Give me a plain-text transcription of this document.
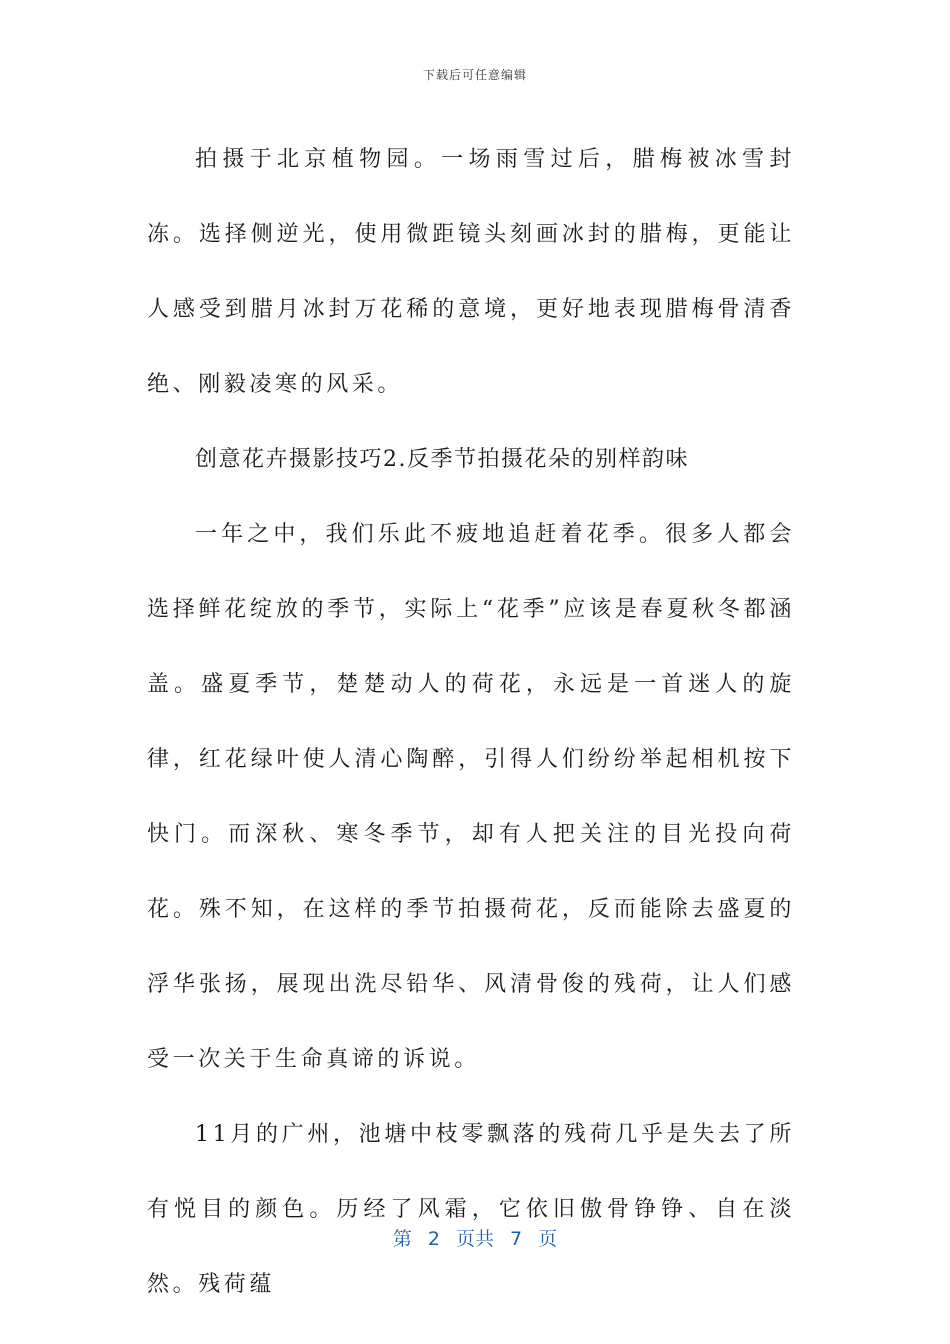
下载后可任意编辑

拍摄于北京植物园。一场雨雪过后，腊梅被冰雪封冻。选择侧逆光，使用微距镜头刻画冰封的腊梅，更能让人感受到腊月冰封万花稀的意境，更好地表现腊梅骨清香绝、刚毅凌寒的风采。

创意花卉摄影技巧2.反季节拍摄花朵的别样韵味

一年之中，我们乐此不疲地追赶着花季。很多人都会选择鲜花绽放的季节，实际上“花季”应该是春夏秋冬都涵盖。盛夏季节，楚楚动人的荷花，永远是一首迷人的旋律，红花绿叶使人清心陶醉，引得人们纷纷举起相机按下快门。而深秋、寒冬季节，却有人把关注的目光投向荷花。殊不知，在这样的季节拍摄荷花，反而能除去盛夏的浮华张扬，展现出洗尽铅华、风清骨俊的残荷，让人们感受一次关于生命真谛的诉说。

11月的广州，池塘中枝零飘落的残荷几乎是失去了所有悦目的颜色。历经了风霜，它依旧傲骨铮铮、自在淡然。残荷蕴

第 2 页共 7 页
